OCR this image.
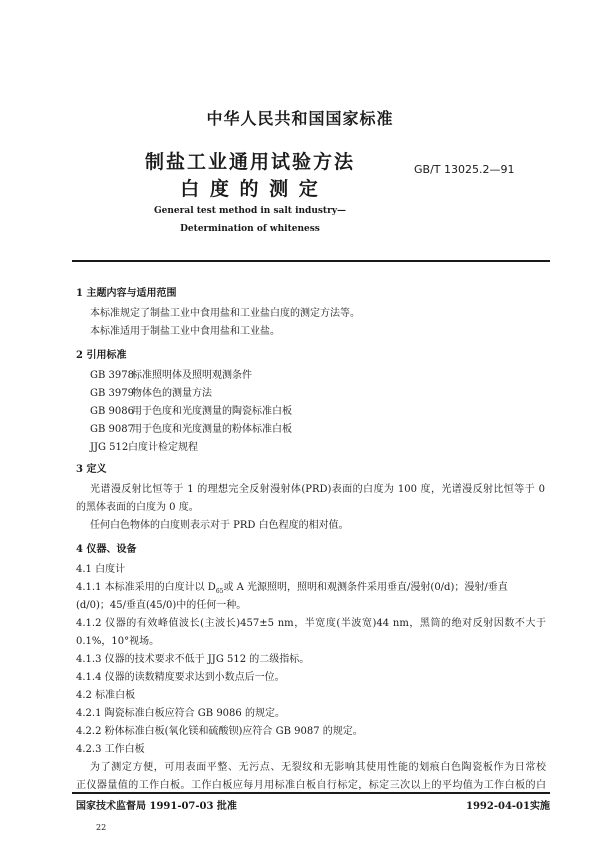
中华人民共和国国家标准
制盐工业通用试验方法
白 度 的 测 定
GB/T 13025.2—91
General test method in salt industry—
Determination of whiteness
1 主题内容与适用范围
本标准规定了制盐工业中食用盐和工业盐白度的测定方法等。
本标准适用于制盐工业中食用盐和工业盐。
2 引用标准
GB 3978标准照明体及照明观测条件
GB 3979物体色的测量方法
GB 9086用于色度和光度测量的陶瓷标准白板
GB 9087用于色度和光度测量的粉体标准白板
JJG 512白度计检定规程
3 定义
光谱漫反射比恒等于 1 的理想完全反射漫射体(PRD)表面的白度为 100 度，光谱漫反射比恒等于 0
的黑体表面的白度为 0 度。
任何白色物体的白度则表示对于 PRD 白色程度的相对值。
4 仪器、设备
4.1 白度计
4.1.1 本标准采用的白度计以 $D_{65}$或 A 光源照明，照明和观测条件采用垂直/漫射(0/d)；漫射/垂直
(d/0)；45/垂直(45/0)中的任何一种。
4.1.2 仪器的有效峰值波长(主波长)457±5 nm，半宽度(半波宽)44 nm，黑筒的绝对反射因数不大于
0.1%，10°视场。
4.1.3 仪器的技术要求不低于 JJG 512 的二级指标。
4.1.4 仪器的读数精度要求达到小数点后一位。
4.2 标准白板
4.2.1 陶瓷标准白板应符合 GB 9086 的规定。
4.2.2 粉体标准白板(氧化镁和硫酸钡)应符合 GB 9087 的规定。
4.2.3 工作白板
为了测定方便，可用表面平整、无污点、无裂纹和无影响其使用性能的划痕白色陶瓷板作为日常校
正仪器量值的工作白板。工作白板应每月用标准白板自行标定，标定三次以上的平均值为工作白板的白
国家技术监督局 1991-07-03 批准	1992-04-01实施
22
